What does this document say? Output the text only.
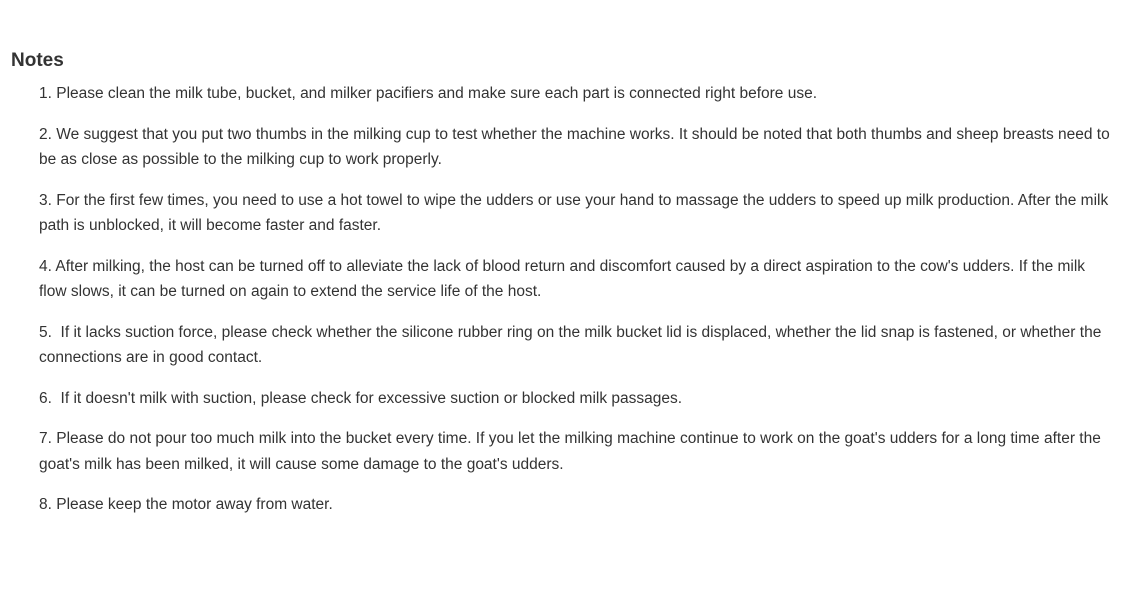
Notes
1. Please clean the milk tube, bucket, and milker pacifiers and make sure each part is connected right before use.
2. We suggest that you put two thumbs in the milking cup to test whether the machine works. It should be noted that both thumbs and sheep breasts need to be as close as possible to the milking cup to work properly.
3. For the first few times, you need to use a hot towel to wipe the udders or use your hand to massage the udders to speed up milk production. After the milk path is unblocked, it will become faster and faster.
4. After milking, the host can be turned off to alleviate the lack of blood return and discomfort caused by a direct aspiration to the cow's udders. If the milk flow slows, it can be turned on again to extend the service life of the host.
5.  If it lacks suction force, please check whether the silicone rubber ring on the milk bucket lid is displaced, whether the lid snap is fastened, or whether the connections are in good contact.
6.  If it doesn't milk with suction, please check for excessive suction or blocked milk passages.
7. Please do not pour too much milk into the bucket every time. If you let the milking machine continue to work on the goat's udders for a long time after the goat's milk has been milked, it will cause some damage to the goat's udders.
8. Please keep the motor away from water.
